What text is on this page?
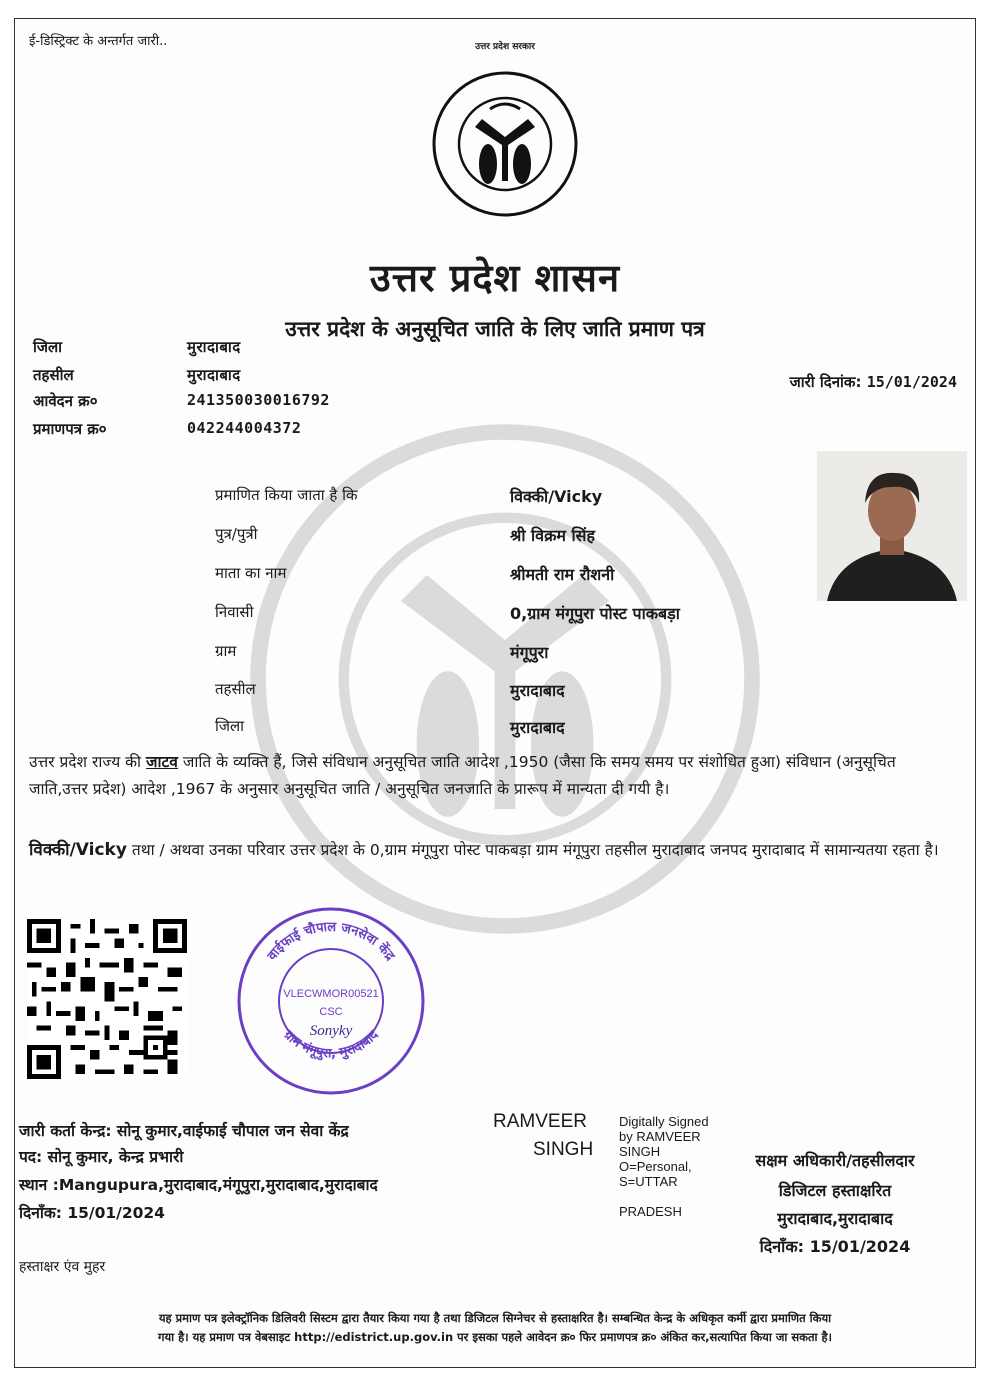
ई-डिस्ट्रिक्ट के अन्तर्गत जारी..	उत्तर प्रदेश सरकार
उत्तर प्रदेश शासन
उत्तर प्रदेश के अनुसूचित जाति के लिए जाति प्रमाण पत्र
जिला	मुरादाबाद
तहसील	मुरादाबाद
आवेदन क्र०	241350030016792
प्रमाणपत्र क्र०	042244004372
जारी दिनांक: 15/01/2024
प्रमाणित किया जाता है कि	विक्की/Vicky
पुत्र/पुत्री	श्री विक्रम सिंह
माता का नाम	श्रीमती राम रौशनी
निवासी	0,ग्राम मंगूपुरा पोस्ट पाकबड़ा
ग्राम	मंगूपुरा
तहसील	मुरादाबाद
जिला	मुरादाबाद
उत्तर प्रदेश राज्य की जाटव जाति के व्यक्ति हैं, जिसे संविधान अनुसूचित जाति आदेश ,1950 (जैसा कि समय समय पर संशोधित हुआ) संविधान (अनुसूचित जाति,उत्तर प्रदेश) आदेश ,1967 के अनुसार अनुसूचित जाति / अनुसूचित जनजाति के प्रारूप में मान्यता दी गयी है।
विक्की/Vicky तथा / अथवा उनका परिवार उत्तर प्रदेश के 0,ग्राम मंगूपुरा पोस्ट पाकबड़ा ग्राम मंगूपुरा तहसील मुरादाबाद जनपद मुरादाबाद में सामान्यतया रहता है।
वाईफाई चौपाल जनसेवा केंद्र
ग्राम मंगूपुरा, मुरादाबाद
VLECWMOR00521
CSC
Sonyky
जारी कर्ता केन्द्र: सोनू कुमार,वाईफाई चौपाल जन सेवा केंद्र
पद: सोनू कुमार, केन्द्र प्रभारी
स्थान :Mangupura,मुरादाबाद,मंगूपुरा,मुरादाबाद,मुरादाबाद
दिनाँक: 15/01/2024
हस्ताक्षर एंव मुहर
RAMVEER
SINGH
Digitally Signed
by RAMVEER
SINGH
O=Personal,
S=UTTAR
PRADESH
सक्षम अधिकारी/तहसीलदार
डिजिटल हस्ताक्षरित
मुरादाबाद,मुरादाबाद
दिनाँक: 15/01/2024
यह प्रमाण पत्र इलेक्ट्रॉनिक डिलिवरी सिस्टम द्वारा तैयार किया गया है तथा डिजिटल सिग्नेचर से हस्ताक्षरित है। सम्बन्धित केन्द्र के अधिकृत कर्मी द्वारा प्रमाणित किया
गया है। यह प्रमाण पत्र वेबसाइट http://edistrict.up.gov.in पर इसका पहले आवेदन क्र० फिर प्रमाणपत्र क्र० अंकित कर,सत्यापित किया जा सकता है।
